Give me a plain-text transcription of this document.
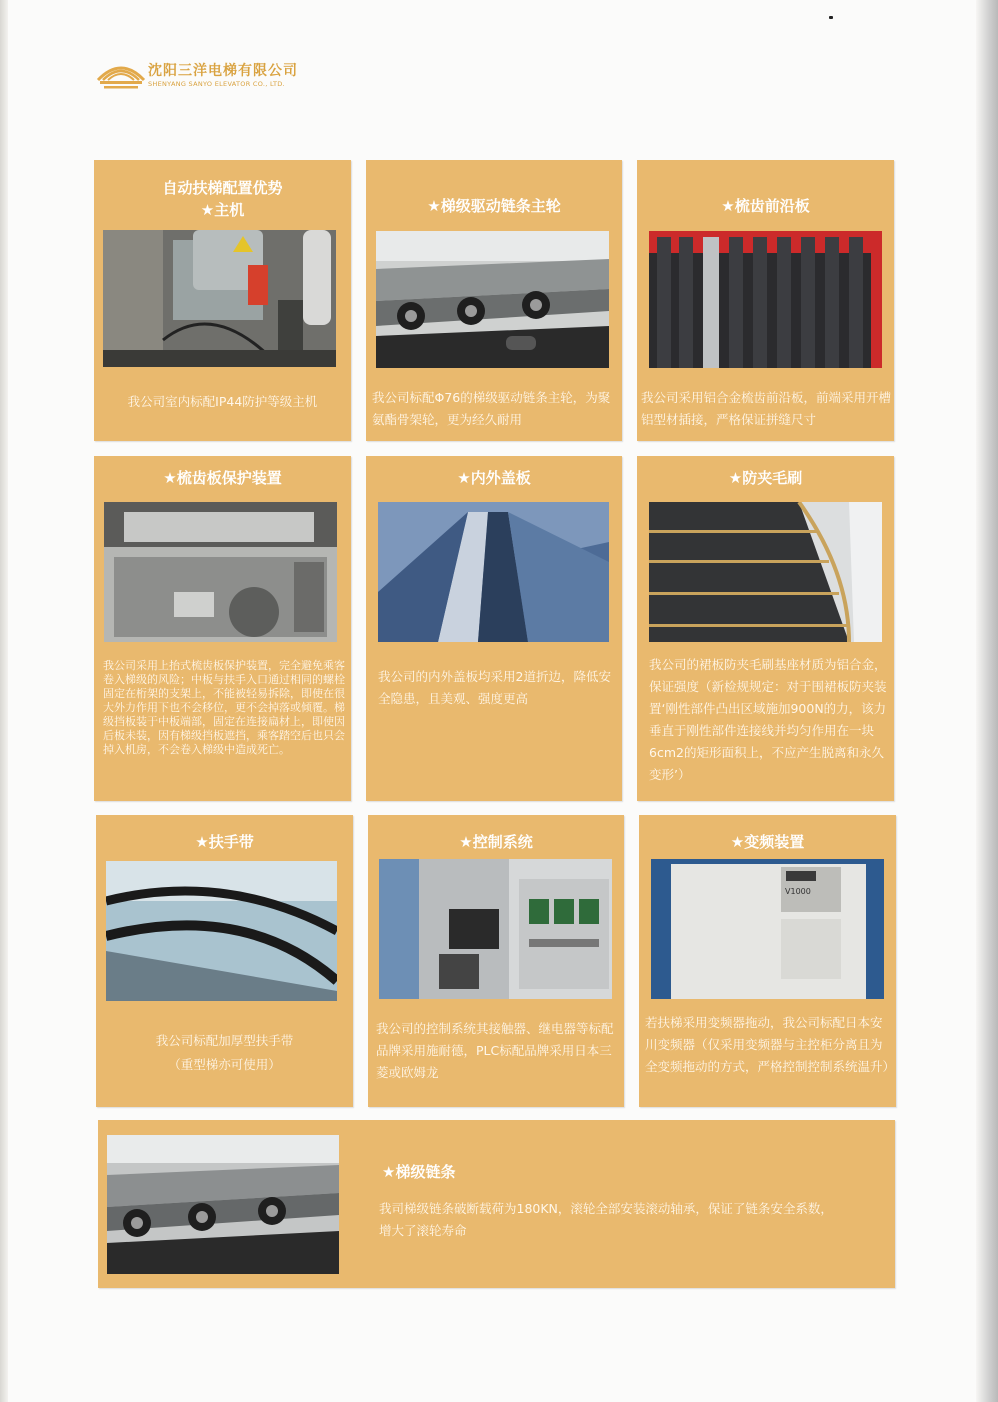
沈阳三洋电梯有限公司
SHENYANG SANYO ELEVATOR CO., LTD.
自动扶梯配置优势
★主机
我公司室内标配IP44防护等级主机
★梯级驱动链条主轮
我公司标配Φ76的梯级驱动链条主轮，为聚氨酯骨架轮，更为经久耐用
★梳齿前沿板
我公司采用铝合金梳齿前沿板，前端采用开槽铝型材插接，严格保证拼缝尺寸
★梳齿板保护装置
我公司采用上抬式梳齿板保护装置，完全避免乘客卷入梯级的风险；中板与扶手入口通过相同的螺栓固定在桁架的支架上，不能被轻易拆除，即使在很大外力作用下也不会移位，更不会掉落或倾覆。梯级挡板装于中板端部，固定在连接扁材上，即使因后板未装，因有梯级挡板遮挡，乘客踏空后也只会掉入机房，不会卷入梯级中造成死亡。
★内外盖板
我公司的内外盖板均采用2道折边，降低安全隐患，且美观、强度更高
★防夹毛刷
我公司的裙板防夹毛刷基座材质为铝合金，保证强度（新检规规定：对于围裙板防夹装置‘刚性部件凸出区域施加900N的力，该力垂直于刚性部件连接线并均匀作用在一块6cm2的矩形面积上，不应产生脱离和永久变形’）
★扶手带
我公司标配加厚型扶手带
（重型梯亦可使用）
★控制系统
我公司的控制系统其接触器、继电器等标配品牌采用施耐德，PLC标配品牌采用日本三菱或欧姆龙
★变频装置
V1000
若扶梯采用变频器拖动，我公司标配日本安川变频器（仅采用变频器与主控柜分离且为全变频拖动的方式，严格控制控制系统温升）
★梯级链条
我司梯级链条破断载荷为180KN，滚轮全部安装滚动轴承，保证了链条安全系数，增大了滚轮寿命
